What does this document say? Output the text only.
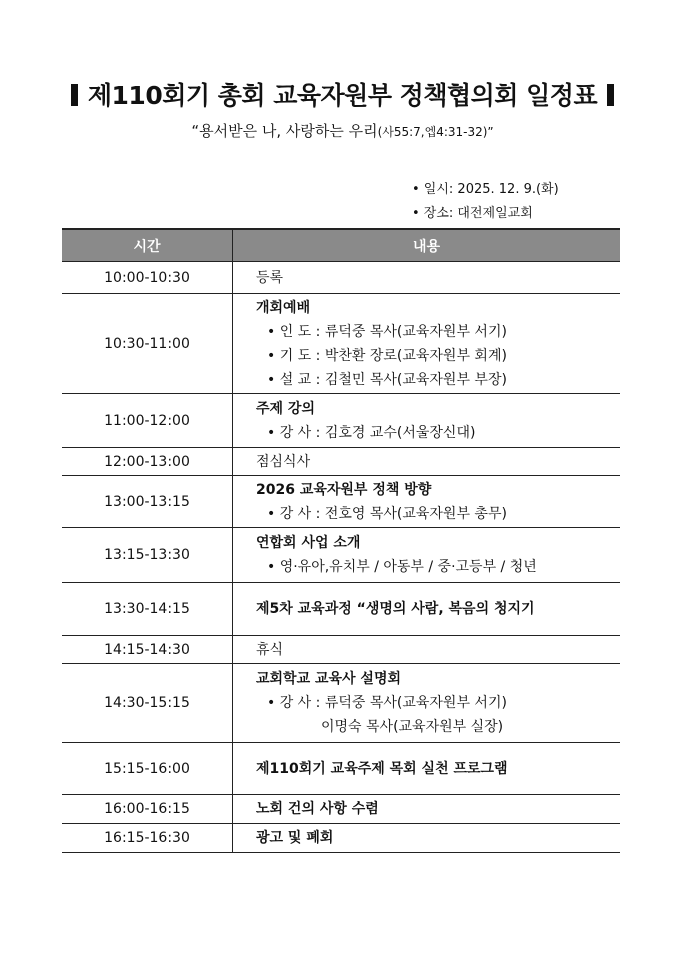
제110회기 총회 교육자원부 정책협의회 일정표
“용서받은 나, 사랑하는 우리(사55:7,엡4:31-32)”
• 일시: 2025. 12. 9.(화)
• 장소: 대전제일교회
시간	내용
10:00-10:30	등록

10:30-11:00	개회예배
• 인 도 : 류덕중 목사(교육자원부 서기)
• 기 도 : 박찬환 장로(교육자원부 회계)
• 설 교 : 김철민 목사(교육자원부 부장)

11:00-12:00	주제 강의
• 강 사 : 김호경 교수(서울장신대)

12:00-13:00	점심식사

13:00-13:15	2026 교육자원부 정책 방향
• 강 사 : 전호영 목사(교육자원부 총무)

13:15-13:30	연합회 사업 소개
• 영·유아,유치부 / 아동부 / 중·고등부 / 청년

13:30-14:15	제5차 교육과정 “생명의 사람, 복음의 청지기

14:15-14:30	휴식

14:30-15:15	교회학교 교육사 설명회
• 강 사 : 류덕중 목사(교육자원부 서기)
이명숙 목사(교육자원부 실장)

15:15-16:00	제110회기 교육주제 목회 실천 프로그램

16:00-16:15	노회 건의 사항 수렴

16:15-16:30	광고 및 폐회
